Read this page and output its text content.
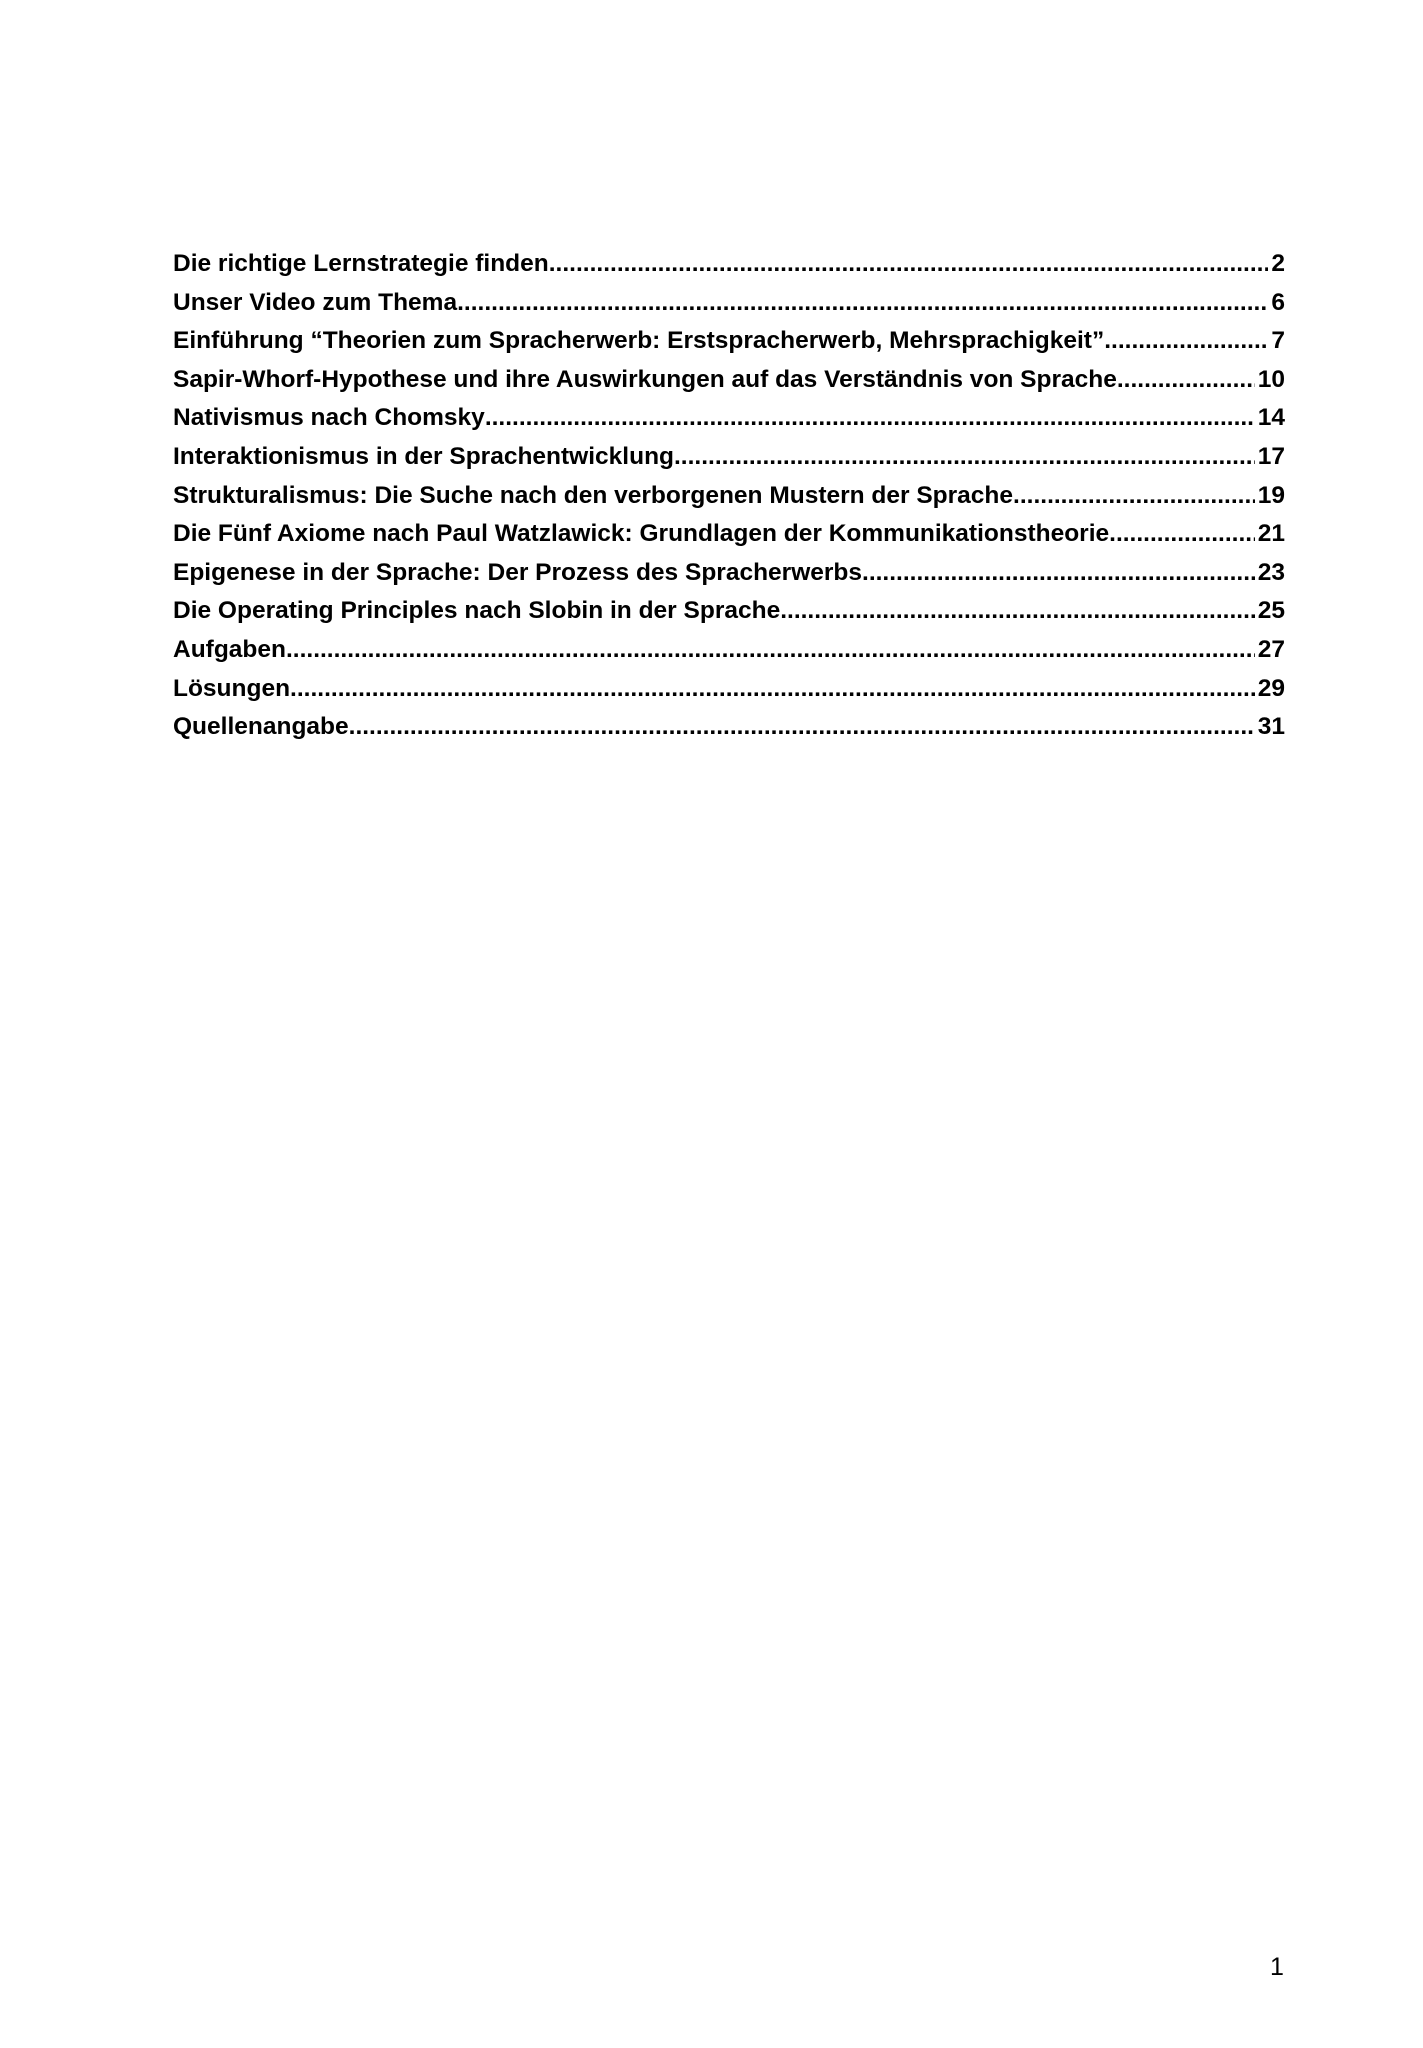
Die richtige Lernstrategie finden .....	2
Unser Video zum Thema .....	6
Einführung “Theorien zum Spracherwerb: Erstspracherwerb, Mehrsprachigkeit” .....	7
Sapir-Whorf-Hypothese und ihre Auswirkungen auf das Verständnis von Sprache .....	10
Nativismus nach Chomsky .....	14
Interaktionismus in der Sprachentwicklung .....	17
Strukturalismus: Die Suche nach den verborgenen Mustern der Sprache .....	19
Die Fünf Axiome nach Paul Watzlawick: Grundlagen der Kommunikationstheorie .....	21
Epigenese in der Sprache: Der Prozess des Spracherwerbs .....	23
Die Operating Principles nach Slobin in der Sprache .....	25
Aufgaben .....	27
Lösungen .....	29
Quellenangabe .....	31
1
